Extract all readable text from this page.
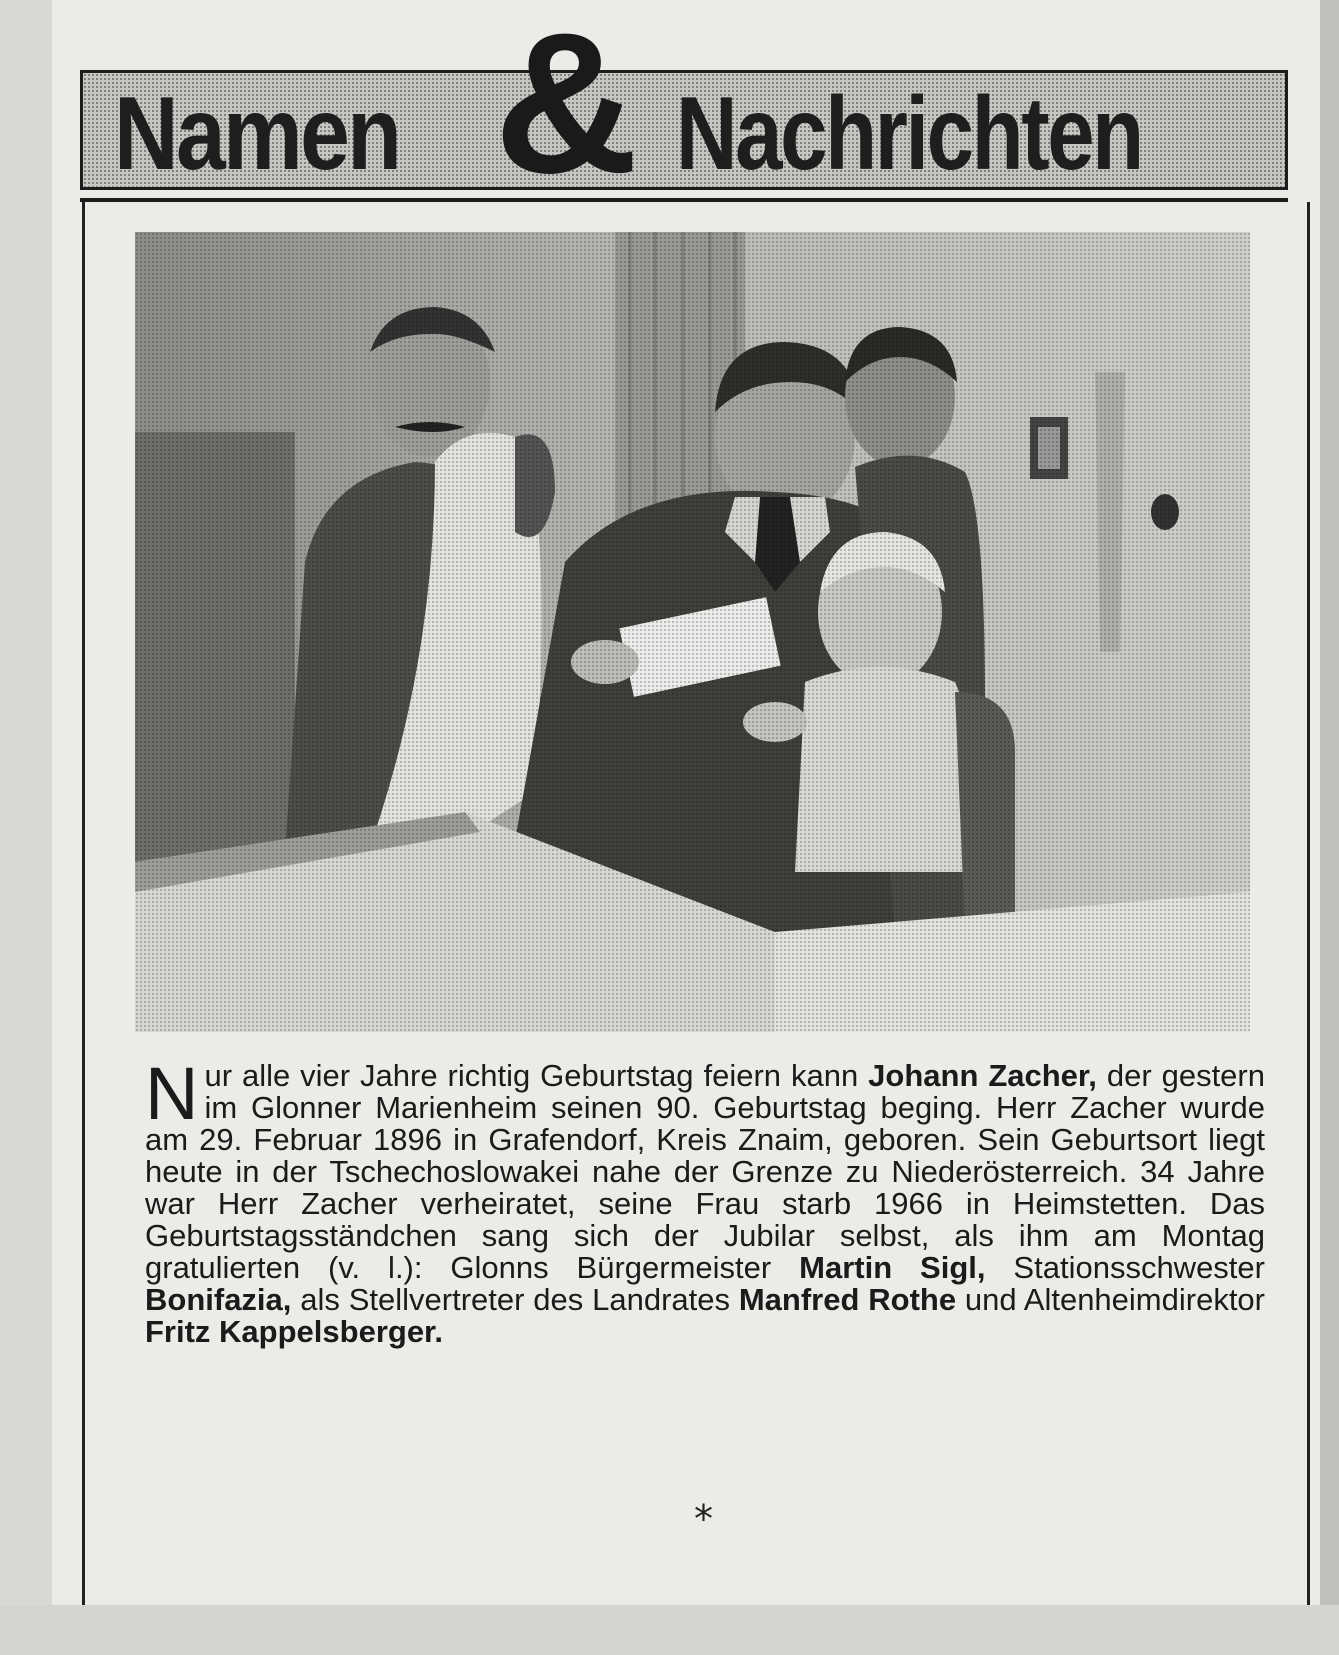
Namen & Nachrichten
Nur alle vier Jahre richtig Geburtstag feiern kann Johann Zacher, der gestern im Glonner Marienheim seinen 90. Geburtstag beging. Herr Zacher wurde am 29. Februar 1896 in Grafendorf, Kreis Znaim, geboren. Sein Geburtsort liegt heute in der Tschechoslowakei nahe der Grenze zu Niederösterreich. 34 Jahre war Herr Zacher verheiratet, seine Frau starb 1966 in Heimstetten. Das Geburtstagsständchen sang sich der Jubilar selbst, als ihm am Montag gratulierten (v. l.): Glonns Bürgermeister Martin Sigl, Stationsschwester Bonifazia, als Stellvertreter des Landrates Manfred Rothe und Altenheimdirektor Fritz Kappelsberger.
*
